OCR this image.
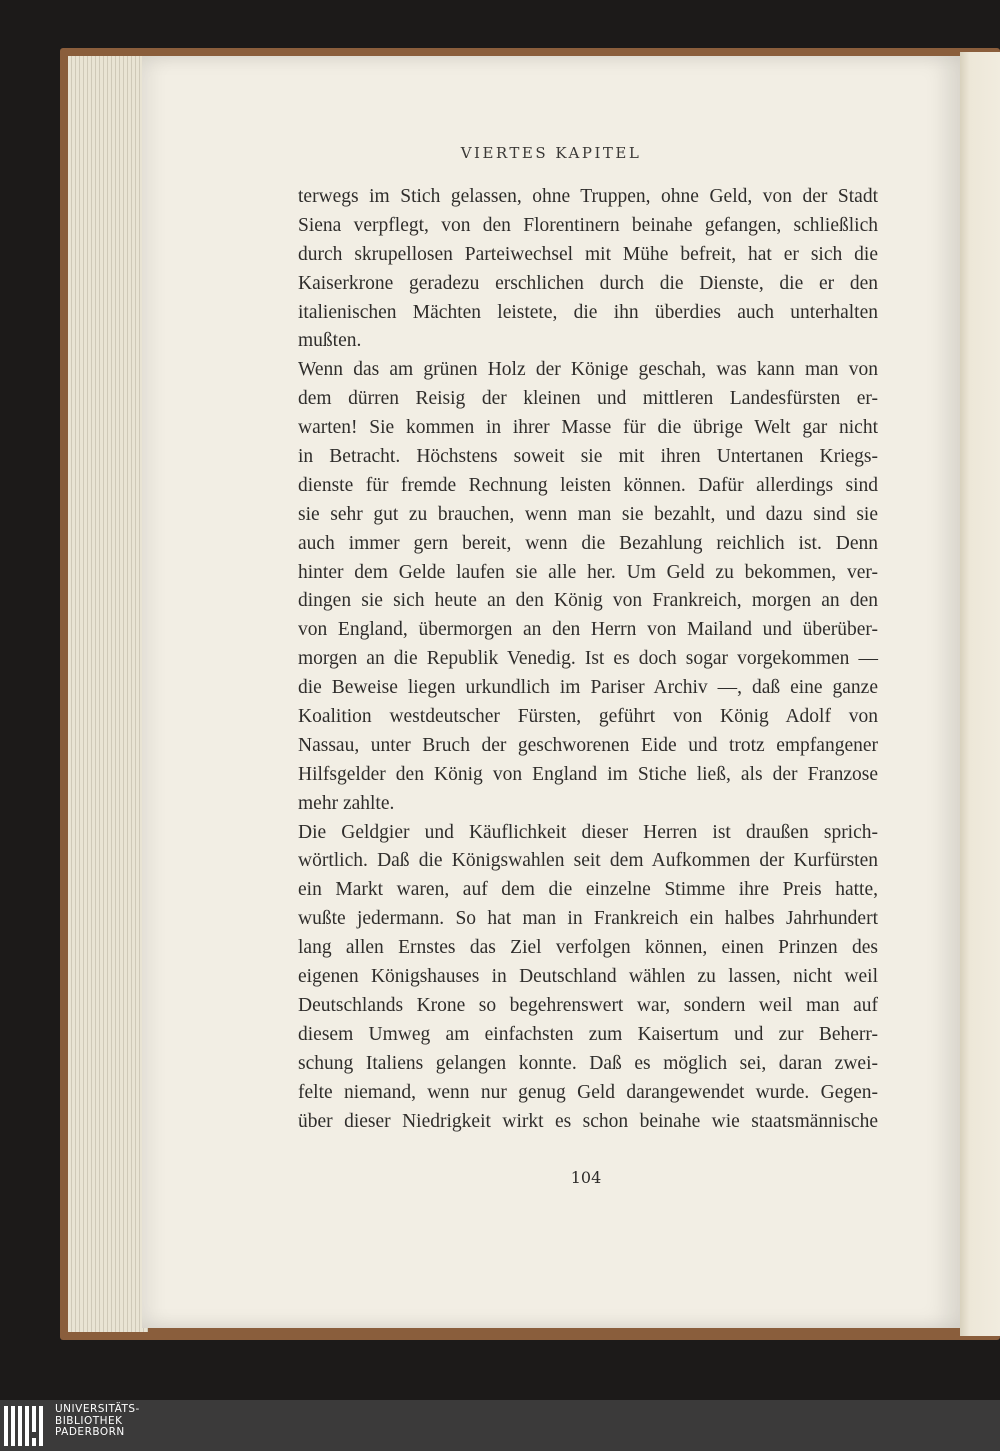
VIERTES KAPITEL
terwegs im Stich gelassen, ohne Truppen, ohne Geld, von der Stadt
Siena verpflegt, von den Florentinern beinahe gefangen, schließlich
durch skrupellosen Parteiwechsel mit Mühe befreit, hat er sich die
Kaiserkrone geradezu erschlichen durch die Dienste, die er den
italienischen Mächten leistete, die ihn überdies auch unterhalten
mußten.
Wenn das am grünen Holz der Könige geschah, was kann man von
dem dürren Reisig der kleinen und mittleren Landesfürsten er-
warten! Sie kommen in ihrer Masse für die übrige Welt gar nicht
in Betracht. Höchstens soweit sie mit ihren Untertanen Kriegs-
dienste für fremde Rechnung leisten können. Dafür allerdings sind
sie sehr gut zu brauchen, wenn man sie bezahlt, und dazu sind sie
auch immer gern bereit, wenn die Bezahlung reichlich ist. Denn
hinter dem Gelde laufen sie alle her. Um Geld zu bekommen, ver-
dingen sie sich heute an den König von Frankreich, morgen an den
von England, übermorgen an den Herrn von Mailand und überüber-
morgen an die Republik Venedig. Ist es doch sogar vorgekommen —
die Beweise liegen urkundlich im Pariser Archiv —, daß eine ganze
Koalition westdeutscher Fürsten, geführt von König Adolf von
Nassau, unter Bruch der geschworenen Eide und trotz empfangener
Hilfsgelder den König von England im Stiche ließ, als der Franzose
mehr zahlte.
Die Geldgier und Käuflichkeit dieser Herren ist draußen sprich-
wörtlich. Daß die Königswahlen seit dem Aufkommen der Kurfürsten
ein Markt waren, auf dem die einzelne Stimme ihre Preis hatte,
wußte jedermann. So hat man in Frankreich ein halbes Jahrhundert
lang allen Ernstes das Ziel verfolgen können, einen Prinzen des
eigenen Königshauses in Deutschland wählen zu lassen, nicht weil
Deutschlands Krone so begehrenswert war, sondern weil man auf
diesem Umweg am einfachsten zum Kaisertum und zur Beherr-
schung Italiens gelangen konnte. Daß es möglich sei, daran zwei-
felte niemand, wenn nur genug Geld darangewendet wurde. Gegen-
über dieser Niedrigkeit wirkt es schon beinahe wie staatsmännische
104
UNIVERSITÄTS-
BIBLIOTHEK
PADERBORN
